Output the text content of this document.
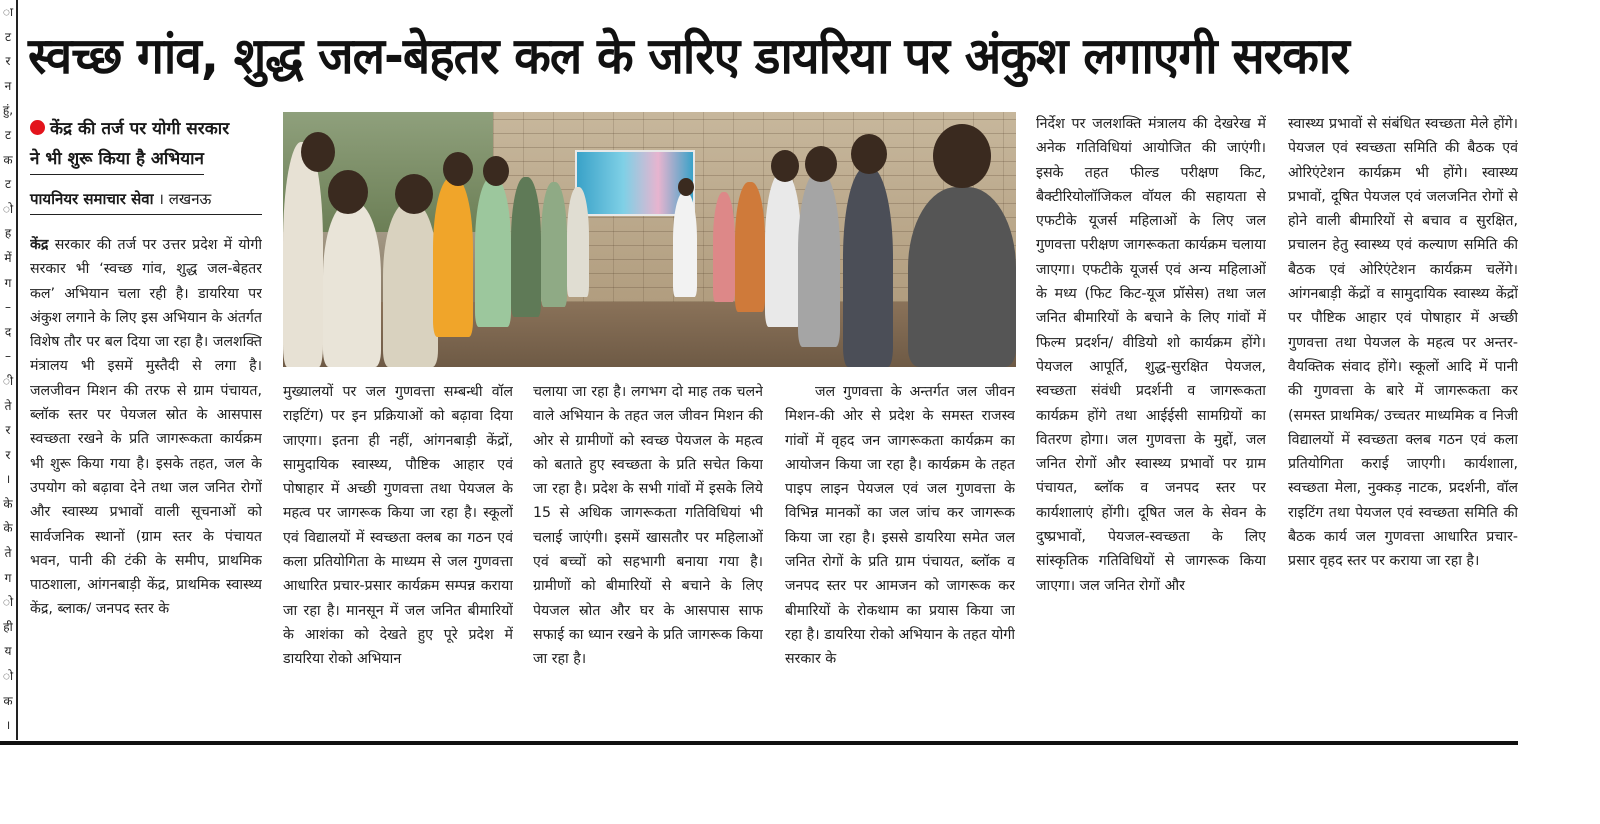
ा
ट
र
न
हुं,
ट
क
ट
ो
ह
में
ग
–
द
–
ी
ते
र
र
।
के
के
ते
ग
ो
ही
य
ो
क
।
स्वच्छ गांव, शुद्ध जल-बेहतर कल के जरिए डायरिया पर अंकुश लगाएगी सरकार
केंद्र की तर्ज पर योगी सरकार
ने भी शुरू किया है अभियान
पायनियर समाचार सेवा । लखनऊ

केंद्र सरकार की तर्ज पर उत्तर प्रदेश में योगी सरकार भी ‘स्वच्छ गांव, शुद्ध जल-बेहतर कल’ अभियान चला रही है। डायरिया पर अंकुश लगाने के लिए इस अभियान के अंतर्गत विशेष तौर पर बल दिया जा रहा है। जलशक्ति मंत्रालय भी इसमें मुस्तैदी से लगा है। जलजीवन मिशन की तरफ से ग्राम पंचायत, ब्लॉक स्तर पर पेयजल स्रोत के आसपास स्वच्छता रखने के प्रति जागरूकता कार्यक्रम भी शुरू किया गया है। इसके तहत, जल के उपयोग को बढ़ावा देने तथा जल जनित रोगों और स्वास्थ्य प्रभावों वाली सूचनाओं को सार्वजनिक स्थानों (ग्राम स्तर के पंचायत भवन, पानी की टंकी के समीप, प्राथमिक पाठशाला, आंगनबाड़ी केंद्र, प्राथमिक स्वास्थ्य केंद्र, ब्लाक/ जनपद स्तर के

मुख्यालयों पर जल गुणवत्ता सम्बन्धी वॉल राइटिंग) पर इन प्रक्रियाओं को बढ़ावा दिया जाएगा। इतना ही नहीं, आंगनबाड़ी केंद्रों, सामुदायिक स्वास्थ्य, पौष्टिक आहार एवं पोषाहार में अच्छी गुणवत्ता तथा पेयजल के महत्व पर जागरूक किया जा रहा है। स्कूलों एवं विद्यालयों में स्वच्छता क्लब का गठन एवं कला प्रतियोगिता के माध्यम से जल गुणवत्ता आधारित प्रचार-प्रसार कार्यक्रम सम्पन्न कराया जा रहा है। मानसून में जल जनित बीमारियों के आशंका को देखते हुए पूरे प्रदेश में डायरिया रोको अभियान

चलाया जा रहा है। लगभग दो माह तक चलने वाले अभियान के तहत जल जीवन मिशन की ओर से ग्रामीणों को स्वच्छ पेयजल के महत्व को बताते हुए स्वच्छता के प्रति सचेत किया जा रहा है। प्रदेश के सभी गांवों में इसके लिये 15 से अधिक जागरूकता गतिविधियां भी चलाई जाएंगी। इसमें खासतौर पर महिलाओं एवं बच्चों को सहभागी बनाया गया है। ग्रामीणों को बीमारियों से बचाने के लिए पेयजल स्रोत और घर के आसपास साफ सफाई का ध्यान रखने के प्रति जागरूक किया जा रहा है।

जल गुणवत्ता के अन्तर्गत जल जीवन मिशन-की ओर से प्रदेश के समस्त राजस्व गांवों में वृहद जन जागरूकता कार्यक्रम का आयोजन किया जा रहा है। कार्यक्रम के तहत पाइप लाइन पेयजल एवं जल गुणवत्ता के विभिन्न मानकों का जल जांच कर जागरूक किया जा रहा है। इससे डायरिया समेत जल जनित रोगों के प्रति ग्राम पंचायत, ब्लॉक व जनपद स्तर पर आमजन को जागरूक कर बीमारियों के रोकथाम का प्रयास किया जा रहा है। डायरिया रोको अभियान के तहत योगी सरकार के

निर्देश पर जलशक्ति मंत्रालय की देखरेख में अनेक गतिविधियां आयोजित की जाएंगी। इसके तहत फील्ड परीक्षण किट, बैक्टीरियोलॉजिकल वॉयल की सहायता से एफटीके यूजर्स महिलाओं के लिए जल गुणवत्ता परीक्षण जागरूकता कार्यक्रम चलाया जाएगा। एफटीके यूजर्स एवं अन्य महिलाओं के मध्य (फिट किट-यूज प्रॉसेस) तथा जल जनित बीमारियों के बचाने के लिए गांवों में फिल्म प्रदर्शन/ वीडियो शो कार्यक्रम होंगे। पेयजल आपूर्ति, शुद्ध-सुरक्षित पेयजल, स्वच्छता संवंधी प्रदर्शनी व जागरूकता कार्यक्रम होंगे तथा आईईसी सामग्रियों का वितरण होगा। जल गुणवत्ता के मुद्दों, जल जनित रोगों और स्वास्थ्य प्रभावों पर ग्राम पंचायत, ब्लॉक व जनपद स्तर पर कार्यशालाएं होंगी। दूषित जल के सेवन के दुष्प्रभावों, पेयजल-स्वच्छता के लिए सांस्कृतिक गतिविधियों से जागरूक किया जाएगा। जल जनित रोगों और

स्वास्थ्य प्रभावों से संबंधित स्वच्छता मेले होंगे। पेयजल एवं स्वच्छता समिति की बैठक एवं ओरिएंटेशन कार्यक्रम भी होंगे। स्वास्थ्य प्रभावों, दूषित पेयजल एवं जलजनित रोगों से होने वाली बीमारियों से बचाव व सुरक्षित, प्रचालन हेतु स्वास्थ्य एवं कल्याण समिति की बैठक एवं ओरिएंटेशन कार्यक्रम चलेंगे। आंगनबाड़ी केंद्रों व सामुदायिक स्वास्थ्य केंद्रों पर पौष्टिक आहार एवं पोषाहार में अच्छी गुणवत्ता तथा पेयजल के महत्व पर अन्तर-वैयक्तिक संवाद होंगे। स्कूलों आदि में पानी की गुणवत्ता के बारे में जागरूकता कर (समस्त प्राथमिक/ उच्चतर माध्यमिक व निजी विद्यालयों में स्वच्छता क्लब गठन एवं कला प्रतियोगिता कराई जाएगी। कार्यशाला, स्वच्छता मेला, नुक्कड़ नाटक, प्रदर्शनी, वॉल राइटिंग तथा पेयजल एवं स्वच्छता समिति की बैठक कार्य जल गुणवत्ता आधारित प्रचार-प्रसार वृहद स्तर पर कराया जा रहा है।
